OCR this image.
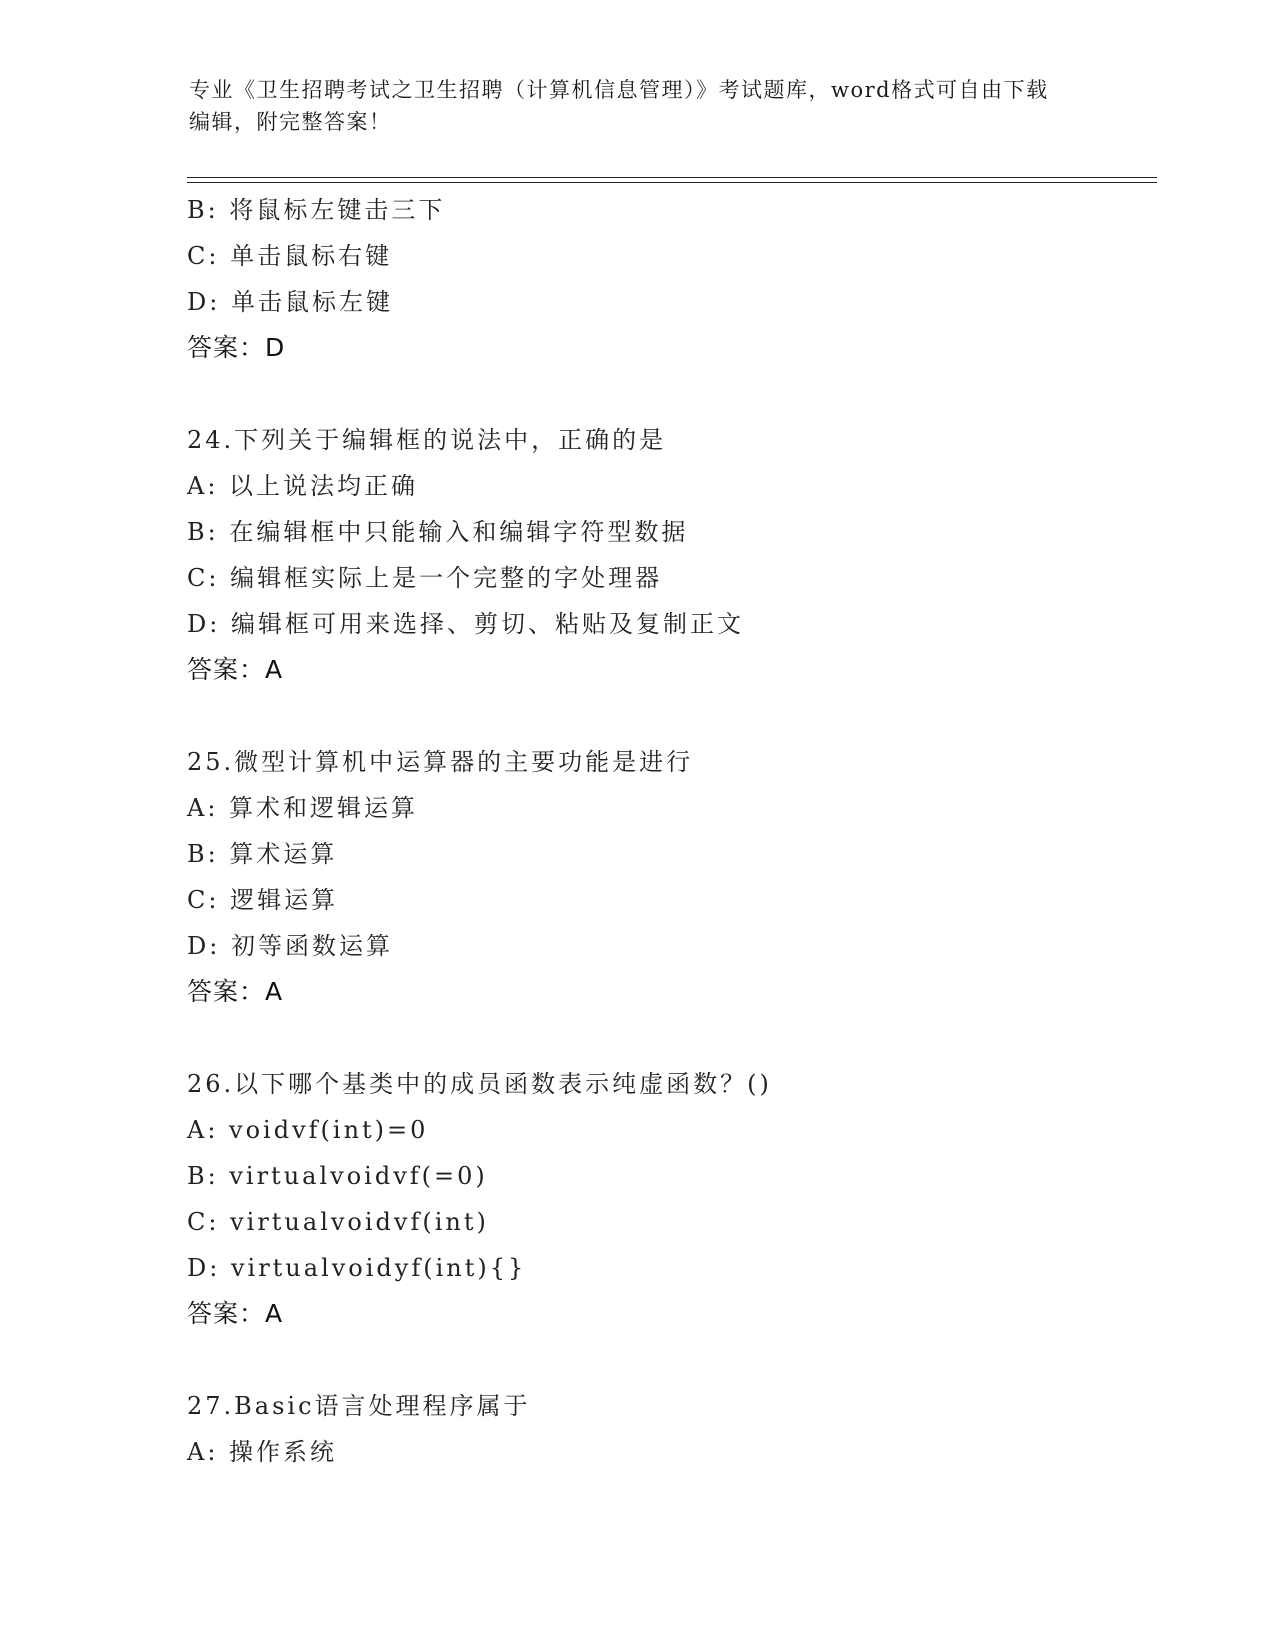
专业《卫生招聘考试之卫生招聘（计算机信息管理）》考试题库，word格式可自由下载编辑，附完整答案！
B: 将鼠标左键击三下
C: 单击鼠标右键
D: 单击鼠标左键
答案：D
24.下列关于编辑框的说法中，正确的是
A: 以上说法均正确
B: 在编辑框中只能输入和编辑字符型数据
C: 编辑框实际上是一个完整的字处理器
D: 编辑框可用来选择、剪切、粘贴及复制正文
答案：A
25.微型计算机中运算器的主要功能是进行
A: 算术和逻辑运算
B: 算术运算
C: 逻辑运算
D: 初等函数运算
答案：A
26.以下哪个基类中的成员函数表示纯虚函数？()
A: voidvf(int)=0
B: virtualvoidvf(=0)
C: virtualvoidvf(int)
D: virtualvoidyf(int){}
答案：A
27.Basic语言处理程序属于
A: 操作系统
